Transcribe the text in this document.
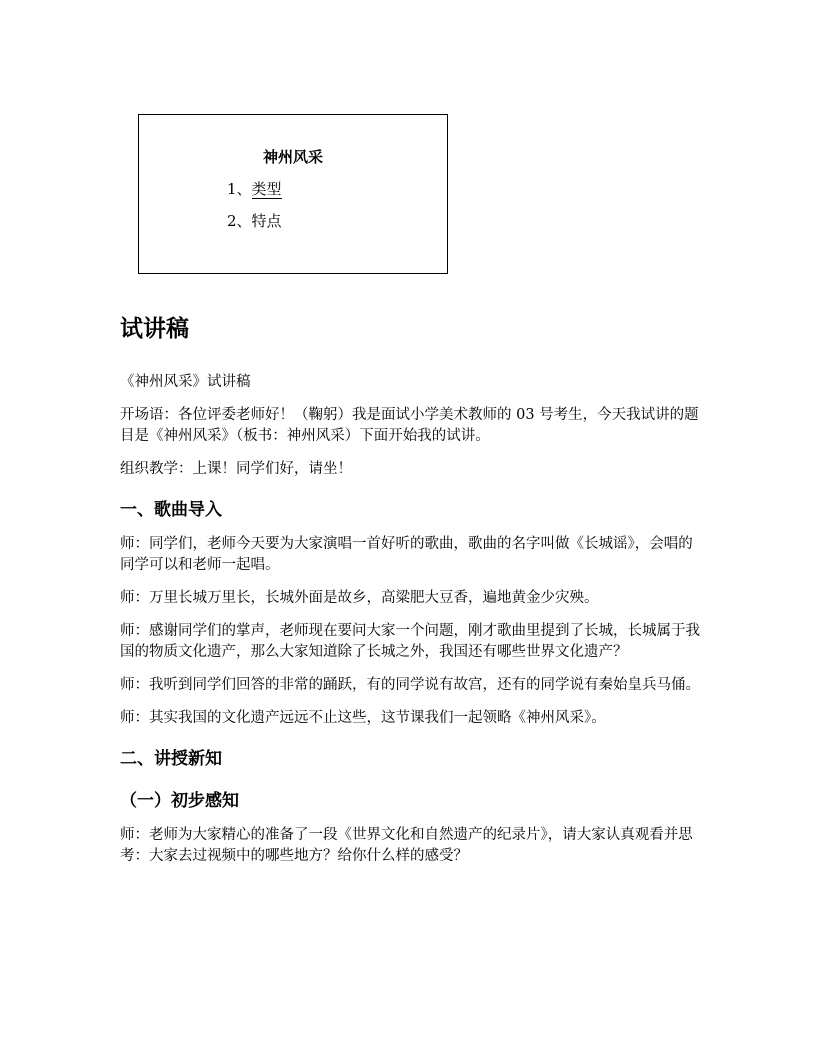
神州风采
1、类型
2、特点
试讲稿

《神州风采》试讲稿

开场语：各位评委老师好！（鞠躬）我是面试小学美术教师的 03 号考生，今天我试讲的题目是《神州风采》（板书：神州风采）下面开始我的试讲。

组织教学：上课！同学们好，请坐！

一、歌曲导入

师：同学们，老师今天要为大家演唱一首好听的歌曲，歌曲的名字叫做《长城谣》，会唱的同学可以和老师一起唱。

师：万里长城万里长，长城外面是故乡，高粱肥大豆香，遍地黄金少灾殃。

师：感谢同学们的掌声，老师现在要问大家一个问题，刚才歌曲里提到了长城，长城属于我国的物质文化遗产，那么大家知道除了长城之外，我国还有哪些世界文化遗产？

师：我听到同学们回答的非常的踊跃，有的同学说有故宫，还有的同学说有秦始皇兵马俑。

师：其实我国的文化遗产远远不止这些，这节课我们一起领略《神州风采》。

二、讲授新知
（一）初步感知

师：老师为大家精心的准备了一段《世界文化和自然遗产的纪录片》，请大家认真观看并思考：大家去过视频中的哪些地方？给你什么样的感受？
